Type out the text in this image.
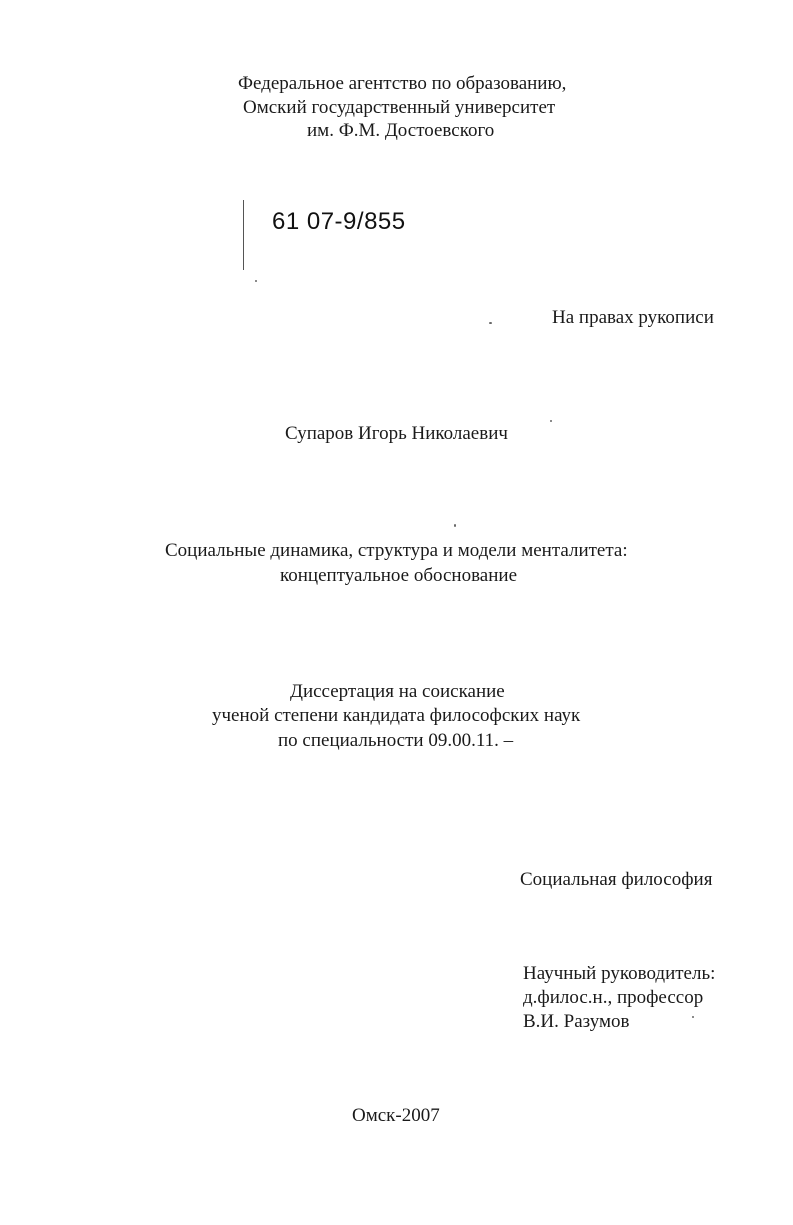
Федеральное агентство по образованию,

Омский государственный университет

им. Ф.М. Достоевского

61 07-9/855

На правах рукописи

Супаров Игорь Николаевич

Социальные динамика, структура и модели менталитета:

концептуальное обоснование

Диссертация на соискание

ученой степени кандидата философских наук

по специальности 09.00.11. –

Социальная философия

Научный руководитель:

д.филос.н., профессор

В.И. Разумов

Омск-2007
